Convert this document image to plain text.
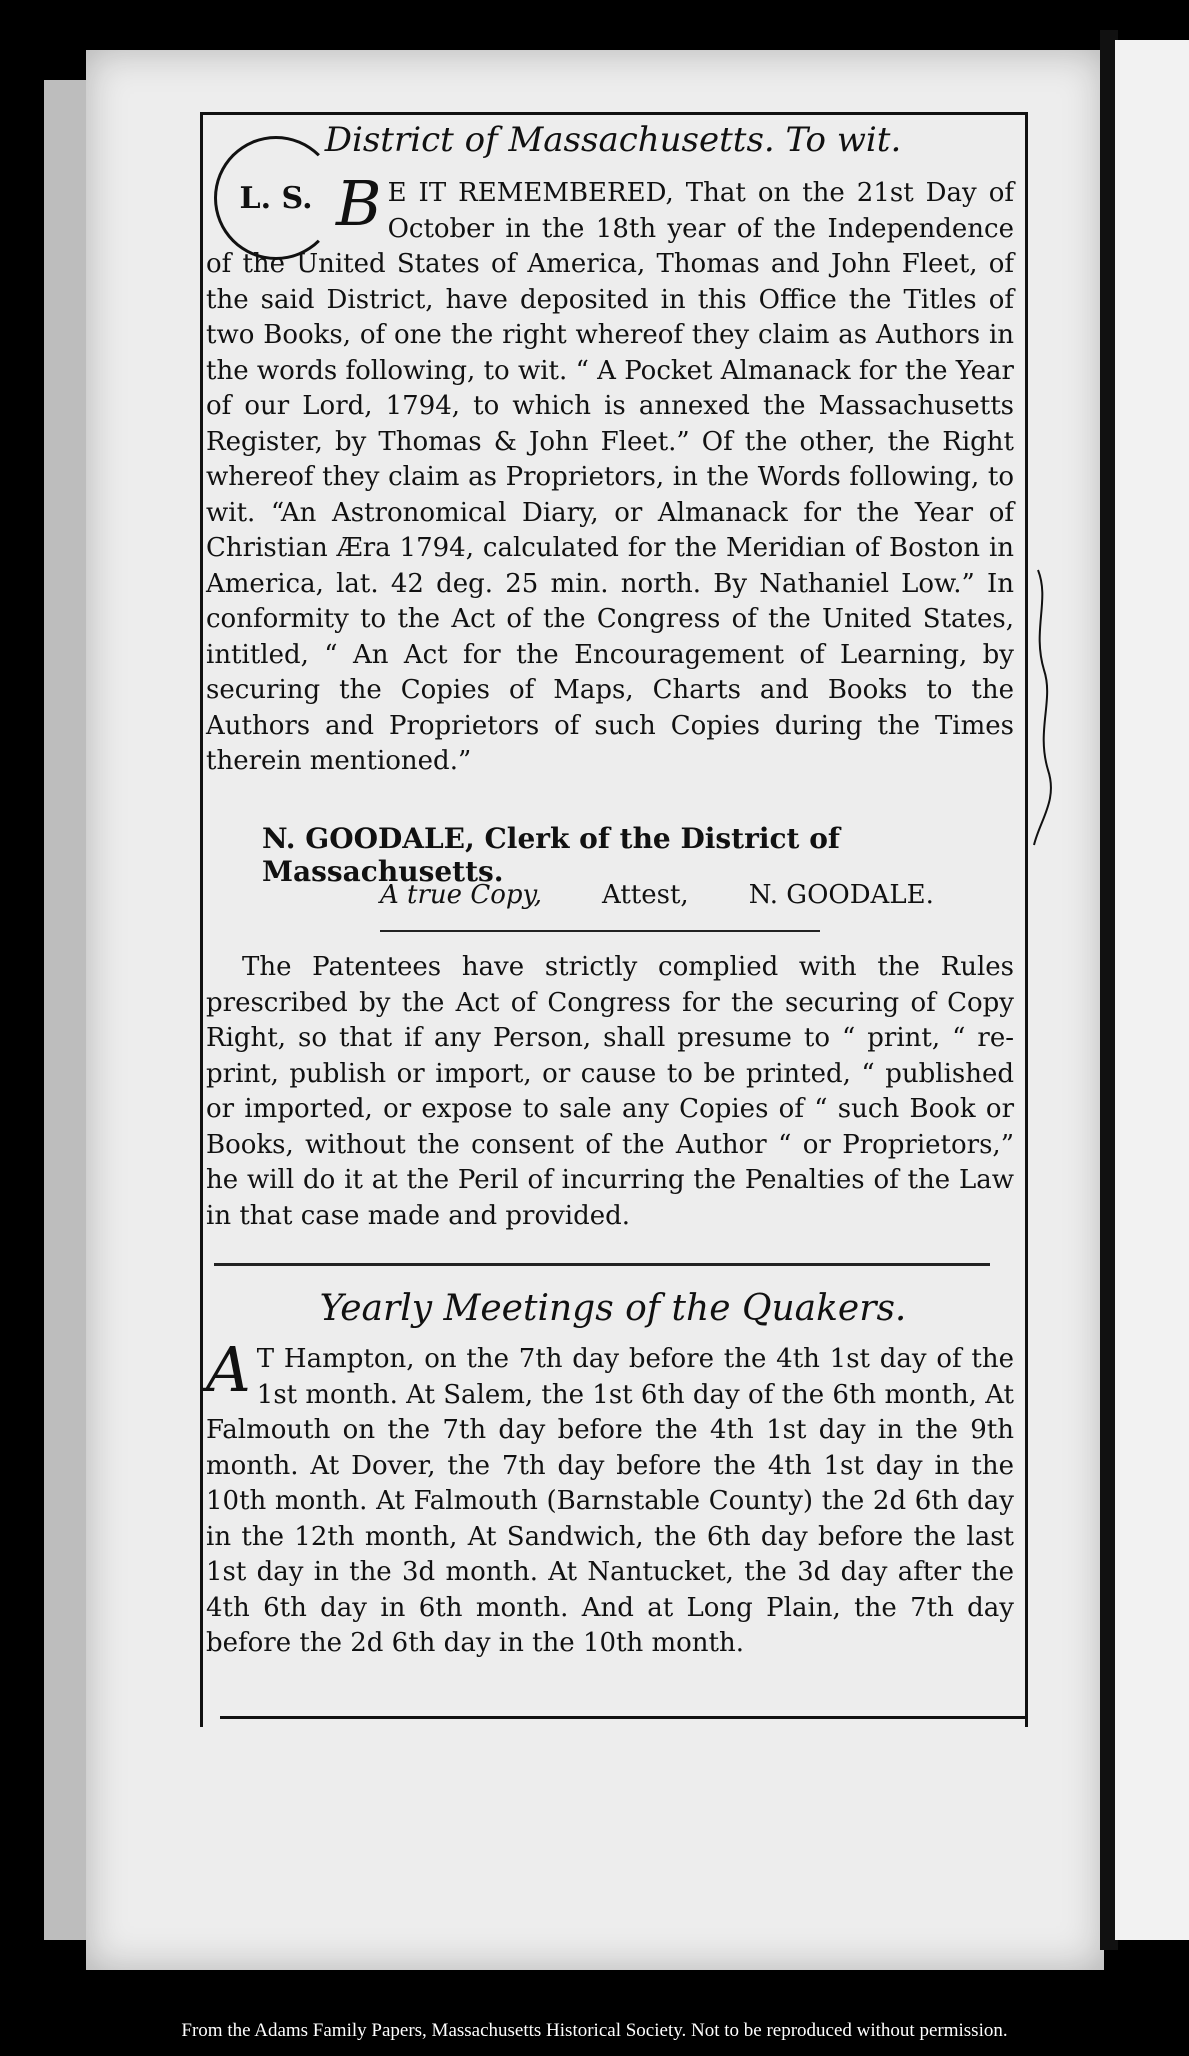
District of Massachusetts. To wit.
L. S. B E IT REMEMBERED, That on the 21st Day of October in the 18th year of the Independence of the United States of America, Thomas and John Fleet, of the said District, have deposited in this Office the Titles of two Books, of one the right whereof they claim as Authors in the words following, to wit. “ A Pocket Almanack for the Year of our Lord, 1794, to which is annexed the Massachusetts Register, by Thomas & John Fleet.” Of the other, the Right whereof they claim as Proprietors, in the Words following, to wit. “An Astronomical Diary, or Almanack for the Year of Christian Æra 1794, calculated for the Meridian of Boston in America, lat. 42 deg. 25 min. north. By Nathaniel Low.” In conformity to the Act of the Congress of the United States, intitled, “ An Act for the Encouragement of Learning, by securing the Copies of Maps, Charts and Books to the Authors and Proprietors of such Copies during the Times therein mentioned.”
N. GOODALE, Clerk of the District of Massachusetts.
A true Copy, Attest, N. GOODALE.
The Patentees have strictly complied with the Rules prescribed by the Act of Congress for the securing of Copy Right, so that if any Person, shall presume to “ print, “ re-print, publish or import, or cause to be printed, “ published or imported, or expose to sale any Copies of “ such Book or Books, without the consent of the Author “ or Proprietors,” he will do it at the Peril of incurring the Penalties of the Law in that case made and provided.
Yearly Meetings of the Quakers.
A T Hampton, on the 7th day before the 4th 1st day of the 1st month. At Salem, the 1st 6th day of the 6th month, At Falmouth on the 7th day before the 4th 1st day in the 9th month. At Dover, the 7th day before the 4th 1st day in the 10th month. At Falmouth (Barnstable County) the 2d 6th day in the 12th month, At Sandwich, the 6th day before the last 1st day in the 3d month. At Nantucket, the 3d day after the 4th 6th day in 6th month. And at Long Plain, the 7th day before the 2d 6th day in the 10th month.
From the Adams Family Papers, Massachusetts Historical Society. Not to be reproduced without permission.
